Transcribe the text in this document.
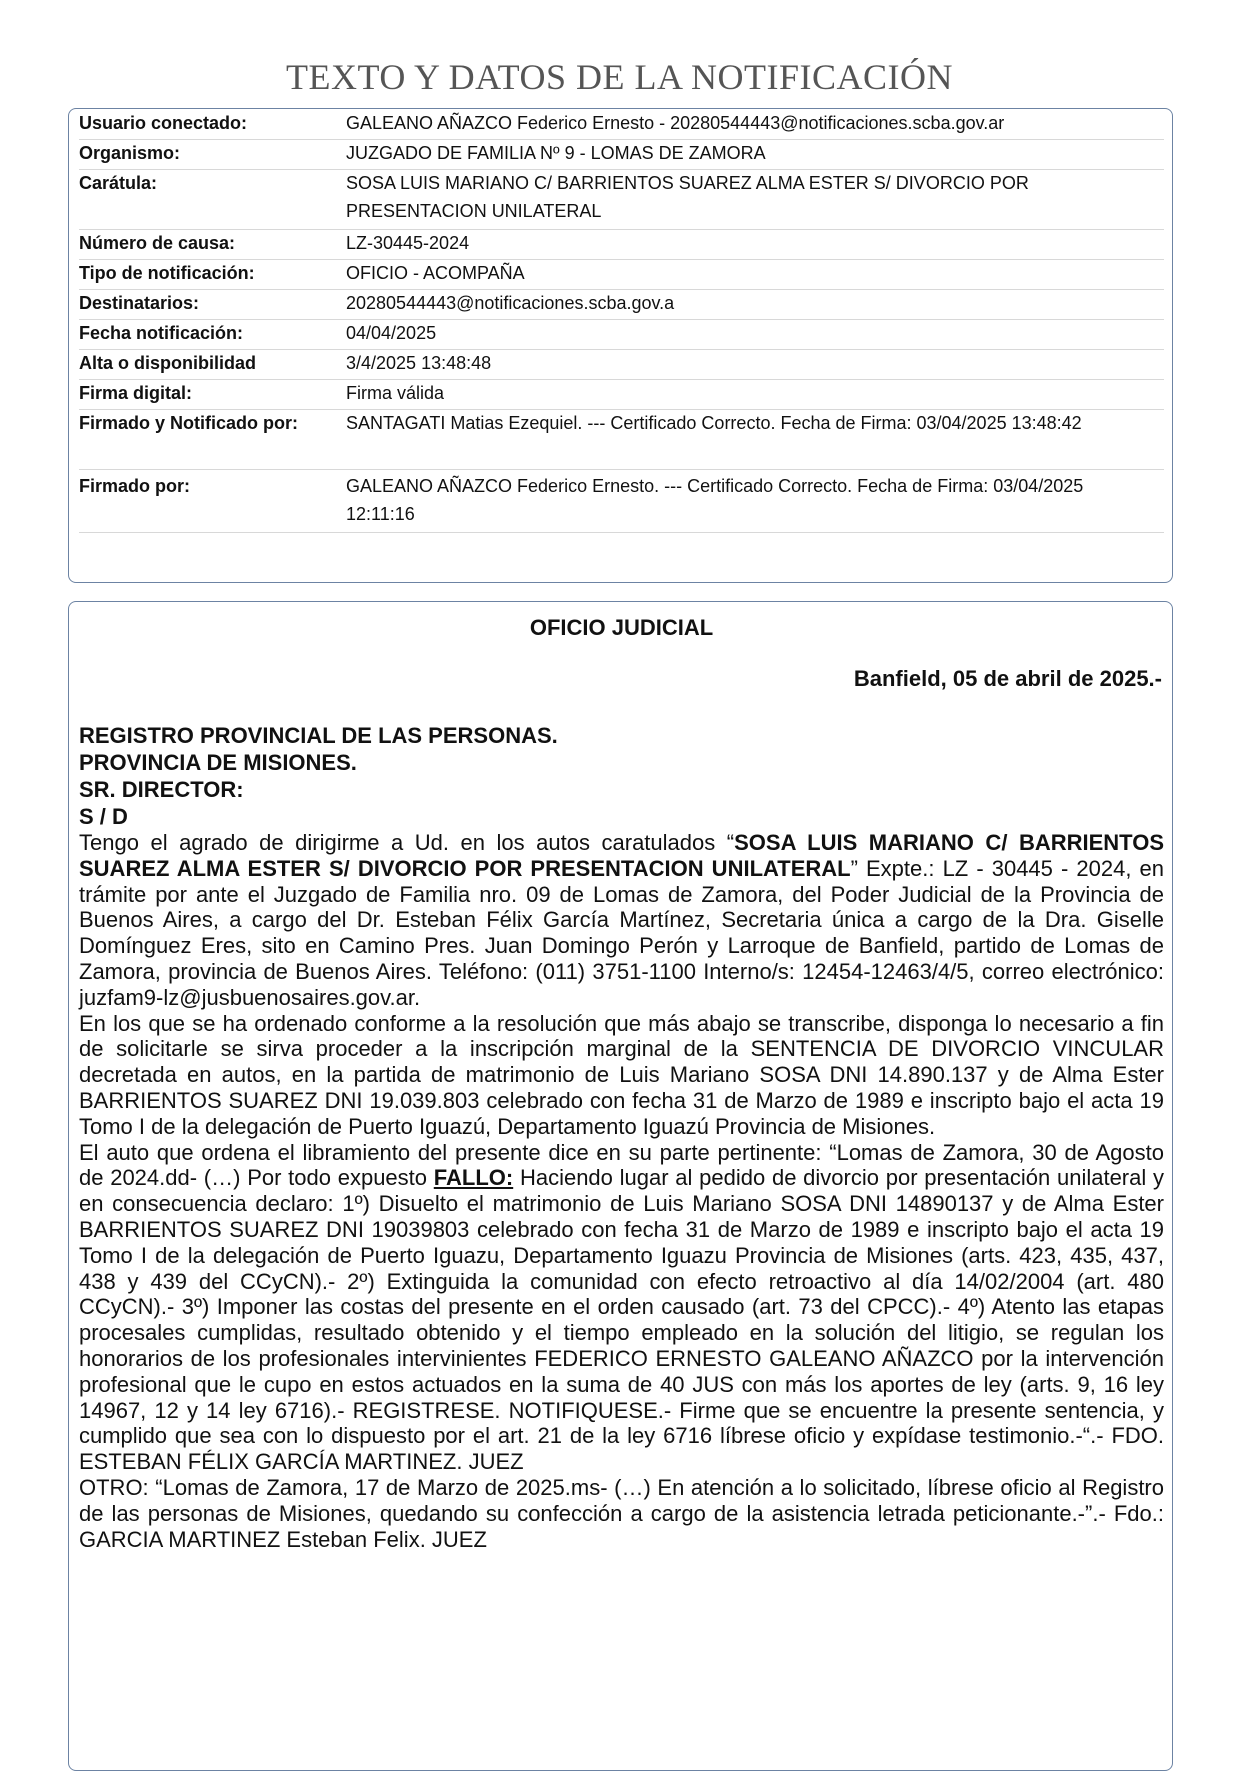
TEXTO Y DATOS DE LA NOTIFICACIÓN
Usuario conectado:	GALEANO AÑAZCO Federico Ernesto - 20280544443@notificaciones.scba.gov.ar
Organismo:	JUZGADO DE FAMILIA Nº 9 - LOMAS DE ZAMORA
Carátula:	SOSA LUIS MARIANO C/ BARRIENTOS SUAREZ ALMA ESTER S/ DIVORCIO POR PRESENTACION UNILATERAL
Número de causa:	LZ-30445-2024
Tipo de notificación:	OFICIO - ACOMPAÑA
Destinatarios:	20280544443@notificaciones.scba.gov.a
Fecha notificación:	04/04/2025
Alta o disponibilidad	3/4/2025 13:48:48
Firma digital:	Firma válida
Firmado y Notificado por:	SANTAGATI Matias Ezequiel. --- Certificado Correcto. Fecha de Firma: 03/04/2025 13:48:42
Firmado por:	GALEANO AÑAZCO Federico Ernesto. --- Certificado Correcto. Fecha de Firma: 03/04/2025 12:11:16
OFICIO JUDICIAL
Banfield, 05 de abril de 2025.-
REGISTRO PROVINCIAL DE LAS PERSONAS.
PROVINCIA DE MISIONES.
SR. DIRECTOR:
S / D

Tengo el agrado de dirigirme a Ud. en los autos caratulados “SOSA LUIS MARIANO C/ BARRIENTOS SUAREZ ALMA ESTER S/ DIVORCIO POR PRESENTACION UNILATERAL” Expte.: LZ - 30445 - 2024, en trámite por ante el Juzgado de Familia nro. 09 de Lomas de Zamora, del Poder Judicial de la Provincia de Buenos Aires, a cargo del Dr. Esteban Félix García Martínez, Secretaria única a cargo de la Dra. Giselle Domínguez Eres, sito en Camino Pres. Juan Domingo Perón y Larroque de Banfield, partido de Lomas de Zamora, provincia de Buenos Aires. Teléfono: (011) 3751-1100 Interno/s: 12454-12463/4/5, correo electrónico: juzfam9-lz@jusbuenosaires.gov.ar.

En los que se ha ordenado conforme a la resolución que más abajo se transcribe, disponga lo necesario a fin de solicitarle se sirva proceder a la inscripción marginal de la SENTENCIA DE DIVORCIO VINCULAR decretada en autos, en la partida de matrimonio de Luis Mariano SOSA DNI 14.890.137 y de Alma Ester BARRIENTOS SUAREZ DNI 19.039.803 celebrado con fecha 31 de Marzo de 1989 e inscripto bajo el acta 19 Tomo I de la delegación de Puerto Iguazú, Departamento Iguazú Provincia de Misiones.

El auto que ordena el libramiento del presente dice en su parte pertinente: “Lomas de Zamora, 30 de Agosto de 2024.dd- (…) Por todo expuesto FALLO: Haciendo lugar al pedido de divorcio por presentación unilateral y en consecuencia declaro: 1º) Disuelto el matrimonio de Luis Mariano SOSA DNI 14890137 y de Alma Ester BARRIENTOS SUAREZ DNI 19039803 celebrado con fecha 31 de Marzo de 1989 e inscripto bajo el acta 19 Tomo I de la delegación de Puerto Iguazu, Departamento Iguazu Provincia de Misiones (arts. 423, 435, 437, 438 y 439 del CCyCN).- 2º) Extinguida la comunidad con efecto retroactivo al día 14/02/2004 (art. 480 CCyCN).- 3º) Imponer las costas del presente en el orden causado (art. 73 del CPCC).- 4º) Atento las etapas procesales cumplidas, resultado obtenido y el tiempo empleado en la solución del litigio, se regulan los honorarios de los profesionales intervinientes FEDERICO ERNESTO GALEANO AÑAZCO por la intervención profesional que le cupo en estos actuados en la suma de 40 JUS con más los aportes de ley (arts. 9, 16 ley 14967, 12 y 14 ley 6716).- REGISTRESE. NOTIFIQUESE.- Firme que se encuentre la presente sentencia, y cumplido que sea con lo dispuesto por el art. 21 de la ley 6716 líbrese oficio y expídase testimonio.-“.- FDO. ESTEBAN FÉLIX GARCÍA MARTINEZ. JUEZ

OTRO: “Lomas de Zamora, 17 de Marzo de 2025.ms- (…) En atención a lo solicitado, líbrese oficio al Registro de las personas de Misiones, quedando su confección a cargo de la asistencia letrada peticionante.-”.- Fdo.: GARCIA MARTINEZ Esteban Felix. JUEZ
